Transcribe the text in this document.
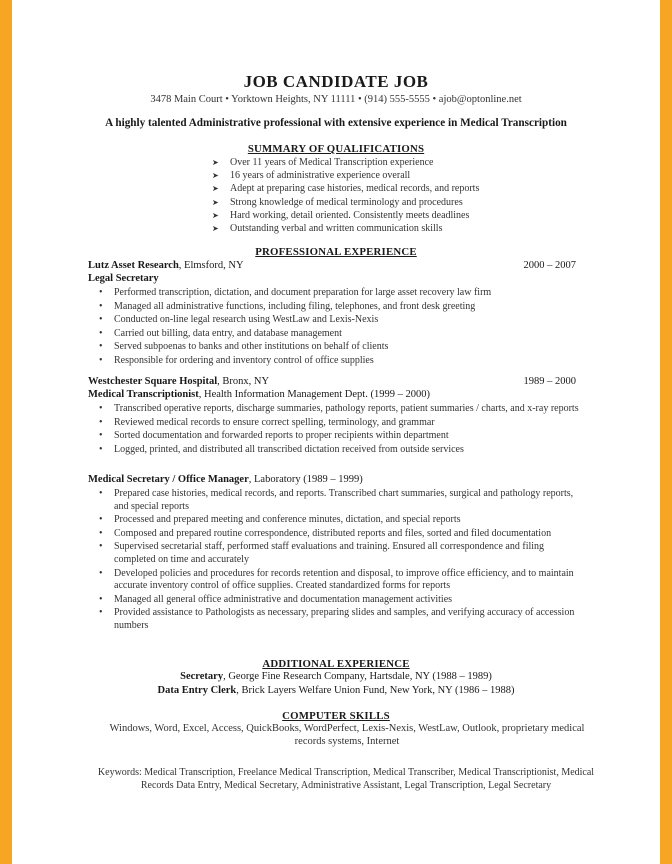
JOB CANDIDATE JOB
3478 Main Court • Yorktown Heights, NY 11111 • (914) 555-5555 • ajob@optonline.net
A highly talented Administrative professional with extensive experience in Medical Transcription
SUMMARY OF QUALIFICATIONS
➤ Over 11 years of Medical Transcription experience
➤ 16 years of administrative experience overall
➤ Adept at preparing case histories, medical records, and reports
➤ Strong knowledge of medical terminology and procedures
➤ Hard working, detail oriented. Consistently meets deadlines
➤ Outstanding verbal and written communication skills
PROFESSIONAL EXPERIENCE
Lutz Asset Research, Elmsford, NY	2000 – 2007
Legal Secretary
• Performed transcription, dictation, and document preparation for large asset recovery law firm
• Managed all administrative functions, including filing, telephones, and front desk greeting
• Conducted on-line legal research using WestLaw and Lexis-Nexis
• Carried out billing, data entry, and database management
• Served subpoenas to banks and other institutions on behalf of clients
• Responsible for ordering and inventory control of office supplies
Westchester Square Hospital, Bronx, NY	1989 – 2000
Medical Transcriptionist, Health Information Management Dept. (1999 – 2000)
• Transcribed operative reports, discharge summaries, pathology reports, patient summaries / charts, and x-ray reports
• Reviewed medical records to ensure correct spelling, terminology, and grammar
• Sorted documentation and forwarded reports to proper recipients within department
• Logged, printed, and distributed all transcribed dictation received from outside services
Medical Secretary / Office Manager, Laboratory (1989 – 1999)
• Prepared case histories, medical records, and reports. Transcribed chart summaries, surgical and pathology reports, and special reports
• Processed and prepared meeting and conference minutes, dictation, and special reports
• Composed and prepared routine correspondence, distributed reports and files, sorted and filed documentation
• Supervised secretarial staff, performed staff evaluations and training. Ensured all correspondence and filing completed on time and accurately
• Developed policies and procedures for records retention and disposal, to improve office efficiency, and to maintain accurate inventory control of office supplies. Created standardized forms for reports
• Managed all general office administrative and documentation management activities
• Provided assistance to Pathologists as necessary, preparing slides and samples, and verifying accuracy of accession numbers
ADDITIONAL EXPERIENCE
Secretary, George Fine Research Company, Hartsdale, NY (1988 – 1989)
Data Entry Clerk, Brick Layers Welfare Union Fund, New York, NY (1986 – 1988)
COMPUTER SKILLS
Windows, Word, Excel, Access, QuickBooks, WordPerfect, Lexis-Nexis, WestLaw, Outlook, proprietary medical records systems, Internet
Keywords: Medical Transcription, Freelance Medical Transcription, Medical Transcriber, Medical Transcriptionist, Medical Records Data Entry, Medical Secretary, Administrative Assistant, Legal Transcription, Legal Secretary
